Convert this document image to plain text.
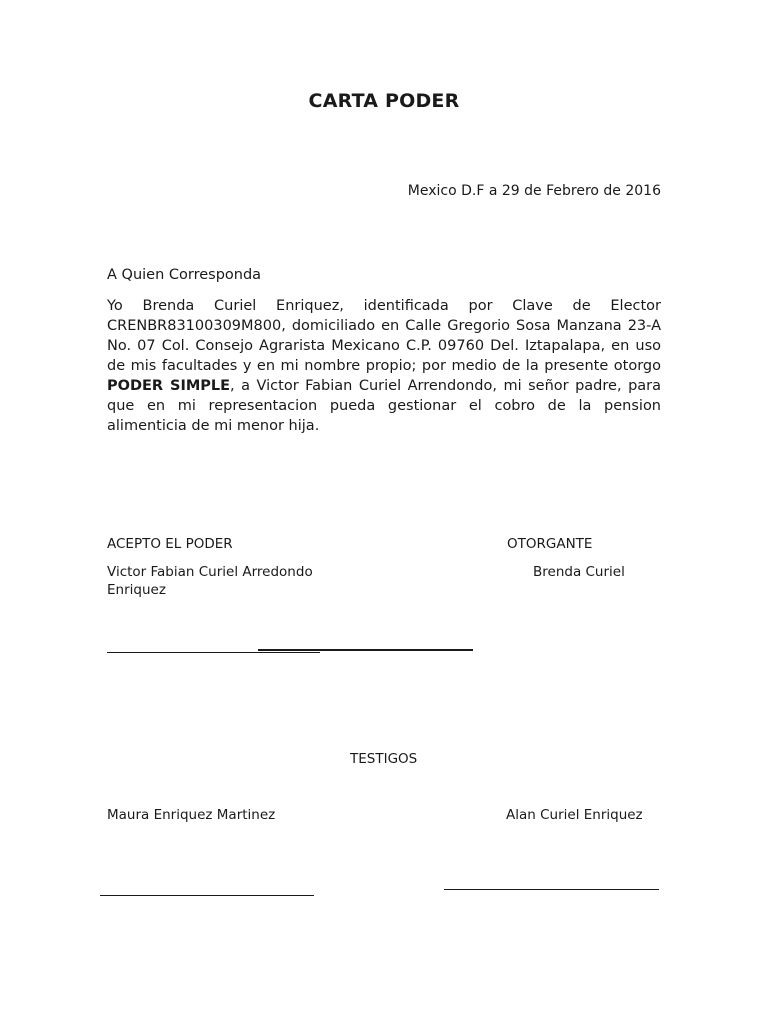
CARTA PODER
Mexico D.F a 29 de Febrero de 2016
A Quien Corresponda
Yo Brenda Curiel Enriquez, identificada por Clave de Elector CRENBR83100309M800, domiciliado en Calle Gregorio Sosa Manzana 23-A No. 07 Col. Consejo Agrarista Mexicano C.P. 09760 Del. Iztapalapa, en uso de mis facultades y en mi nombre propio; por medio de la presente otorgo PODER SIMPLE, a Victor Fabian Curiel Arrendondo, mi señor padre, para que en mi representacion pueda gestionar el cobro de la pension alimenticia de mi menor hija.
ACEPTO EL PODER	OTORGANTE
Victor Fabian Curiel Arredondo	Brenda Curiel
Enriquez
TESTIGOS
Maura Enriquez Martinez	Alan Curiel Enriquez
